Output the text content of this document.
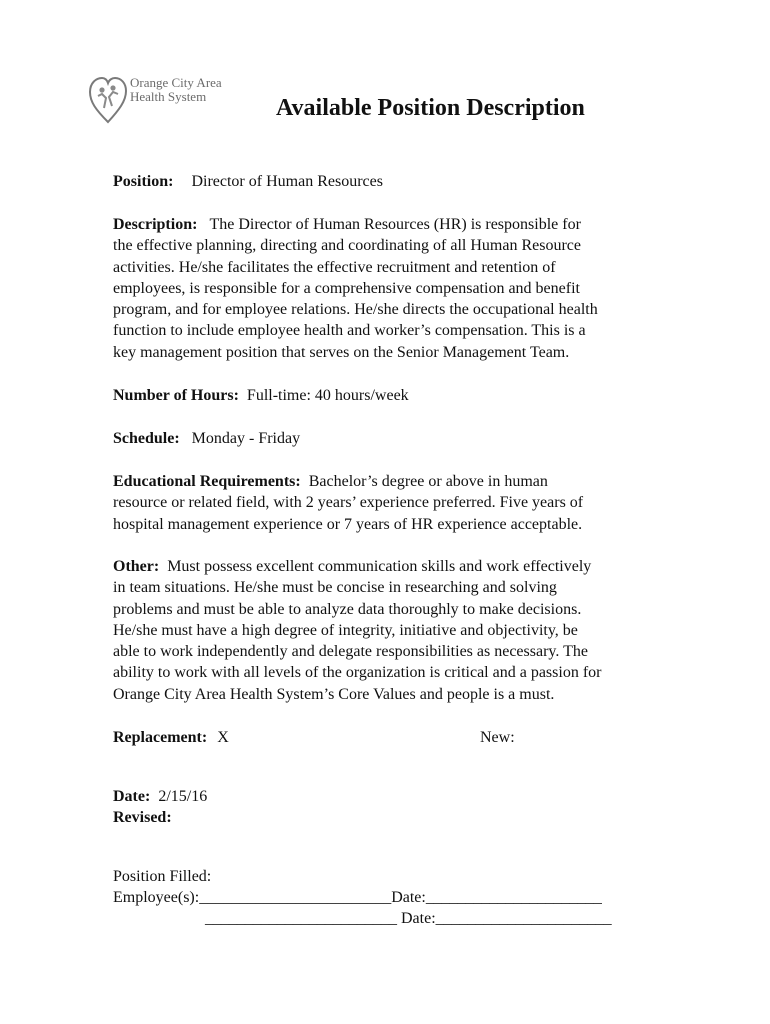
Orange City Area
Health System	Available Position Description
Position: Director of Human Resources
Description: The Director of Human Resources (HR) is responsible for
the effective planning, directing and coordinating of all Human Resource
activities. He/she facilitates the effective recruitment and retention of
employees, is responsible for a comprehensive compensation and benefit
program, and for employee relations. He/she directs the occupational health
function to include employee health and worker’s compensation. This is a
key management position that serves on the Senior Management Team.
Number of Hours: Full-time: 40 hours/week
Schedule: Monday - Friday
Educational Requirements: Bachelor’s degree or above in human
resource or related field, with 2 years’ experience preferred. Five years of
hospital management experience or 7 years of HR experience acceptable.
Other: Must possess excellent communication skills and work effectively
in team situations. He/she must be concise in researching and solving
problems and must be able to analyze data thoroughly to make decisions.
He/she must have a high degree of integrity, initiative and objectivity, be
able to work independently and delegate responsibilities as necessary. The
ability to work with all levels of the organization is critical and a passion for
Orange City Area Health System’s Core Values and people is a must.
Replacement: X	New:
Date: 2/15/16
Revised:
Position Filled:
Employee(s):________________________Date:______________________
________________________ Date:______________________
